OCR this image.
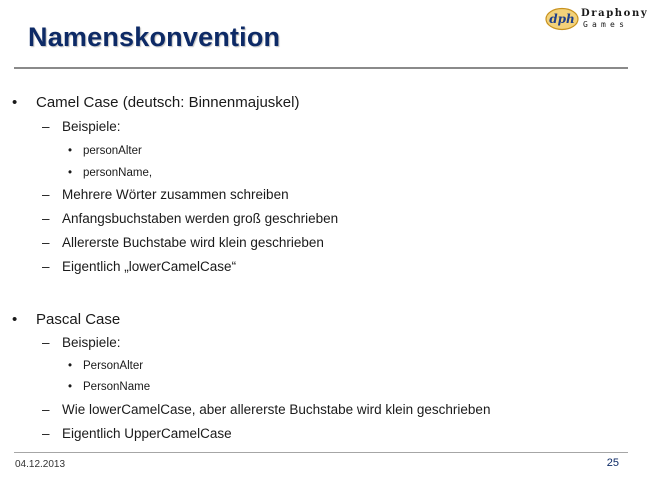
Namenskonvention
dph Draphony
Games
• Camel Case (deutsch: Binnenmajuskel)
– Beispiele:
• personAlter
• personName,
– Mehrere Wörter zusammen schreiben
– Anfangsbuchstaben werden groß geschrieben
– Allererste Buchstabe wird klein geschrieben
– Eigentlich „lowerCamelCase“
• Pascal Case
– Beispiele:
• PersonAlter
• PersonName
– Wie lowerCamelCase, aber allererste Buchstabe wird klein geschrieben
– Eigentlich UpperCamelCase
04.12.2013	25
